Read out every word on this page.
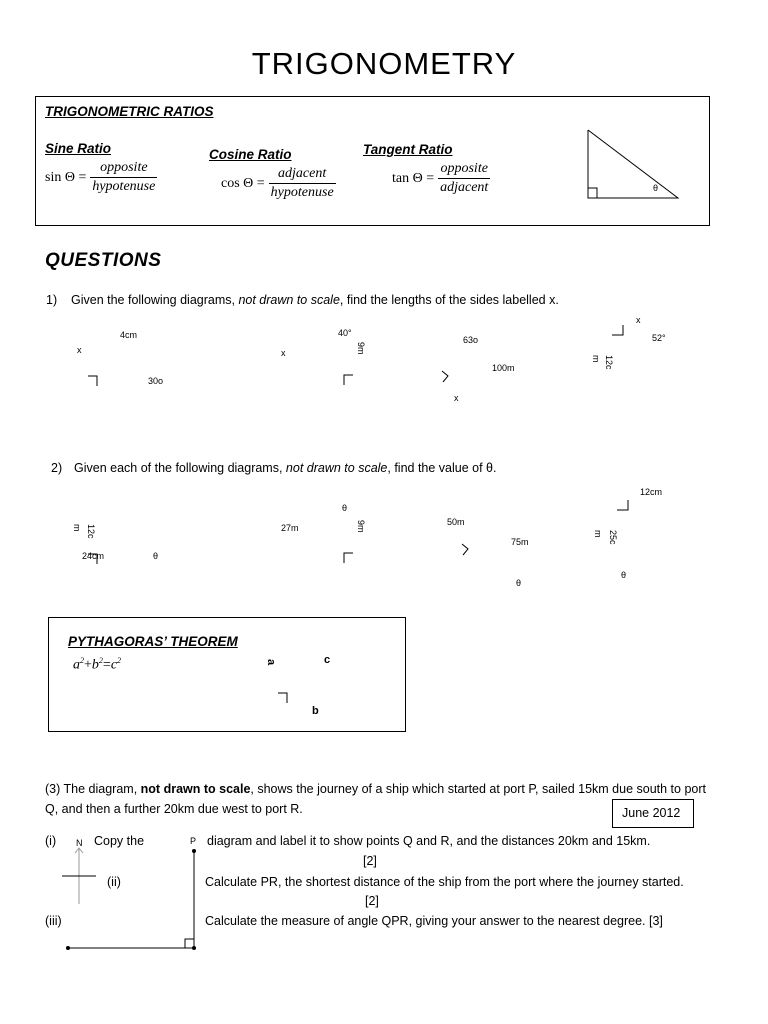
TRIGONOMETRY
TRIGONOMETRIC RATIOS
Sine Ratio
$\sin \Theta = \frac{\text{opposite}}{\text{hypotenuse}}$
Cosine Ratio
$\cos \Theta = \frac{\text{adjacent}}{\text{hypotenuse}}$
Tangent Ratio
$\tan \Theta = \frac{\text{opposite}}{\text{adjacent}}$	θ
QUESTIONS
1) Given the following diagrams, not drawn to scale, find the lengths of the sides labelled x.
4cm
x
30o
40°
x	9m
63o
100m
x
x
52°
m 12c
2) Given each of the following diagrams, not drawn to scale, find the value of θ.
m 12c
24cm	θ
θ
27m	9m	50m
75m
θ
12cm
m 25c
θ
PYTHAGORAS’ THEOREM
$a^2+b^2=c^2$	a	c
b
(3) The diagram, not drawn to scale, shows the journey of a ship which started at port P, sailed 15km due south to port
Q, and then a further 20km due west to port R.	June 2012
(i)	Copy the	diagram and label it to show points Q and R, and the distances 20km and 15km.
[2]
(ii)	Calculate PR, the shortest distance of the ship from the port where the journey started.
[2]
(iii)	Calculate the measure of angle QPR, giving your answer to the nearest degree. [3]
N	P
